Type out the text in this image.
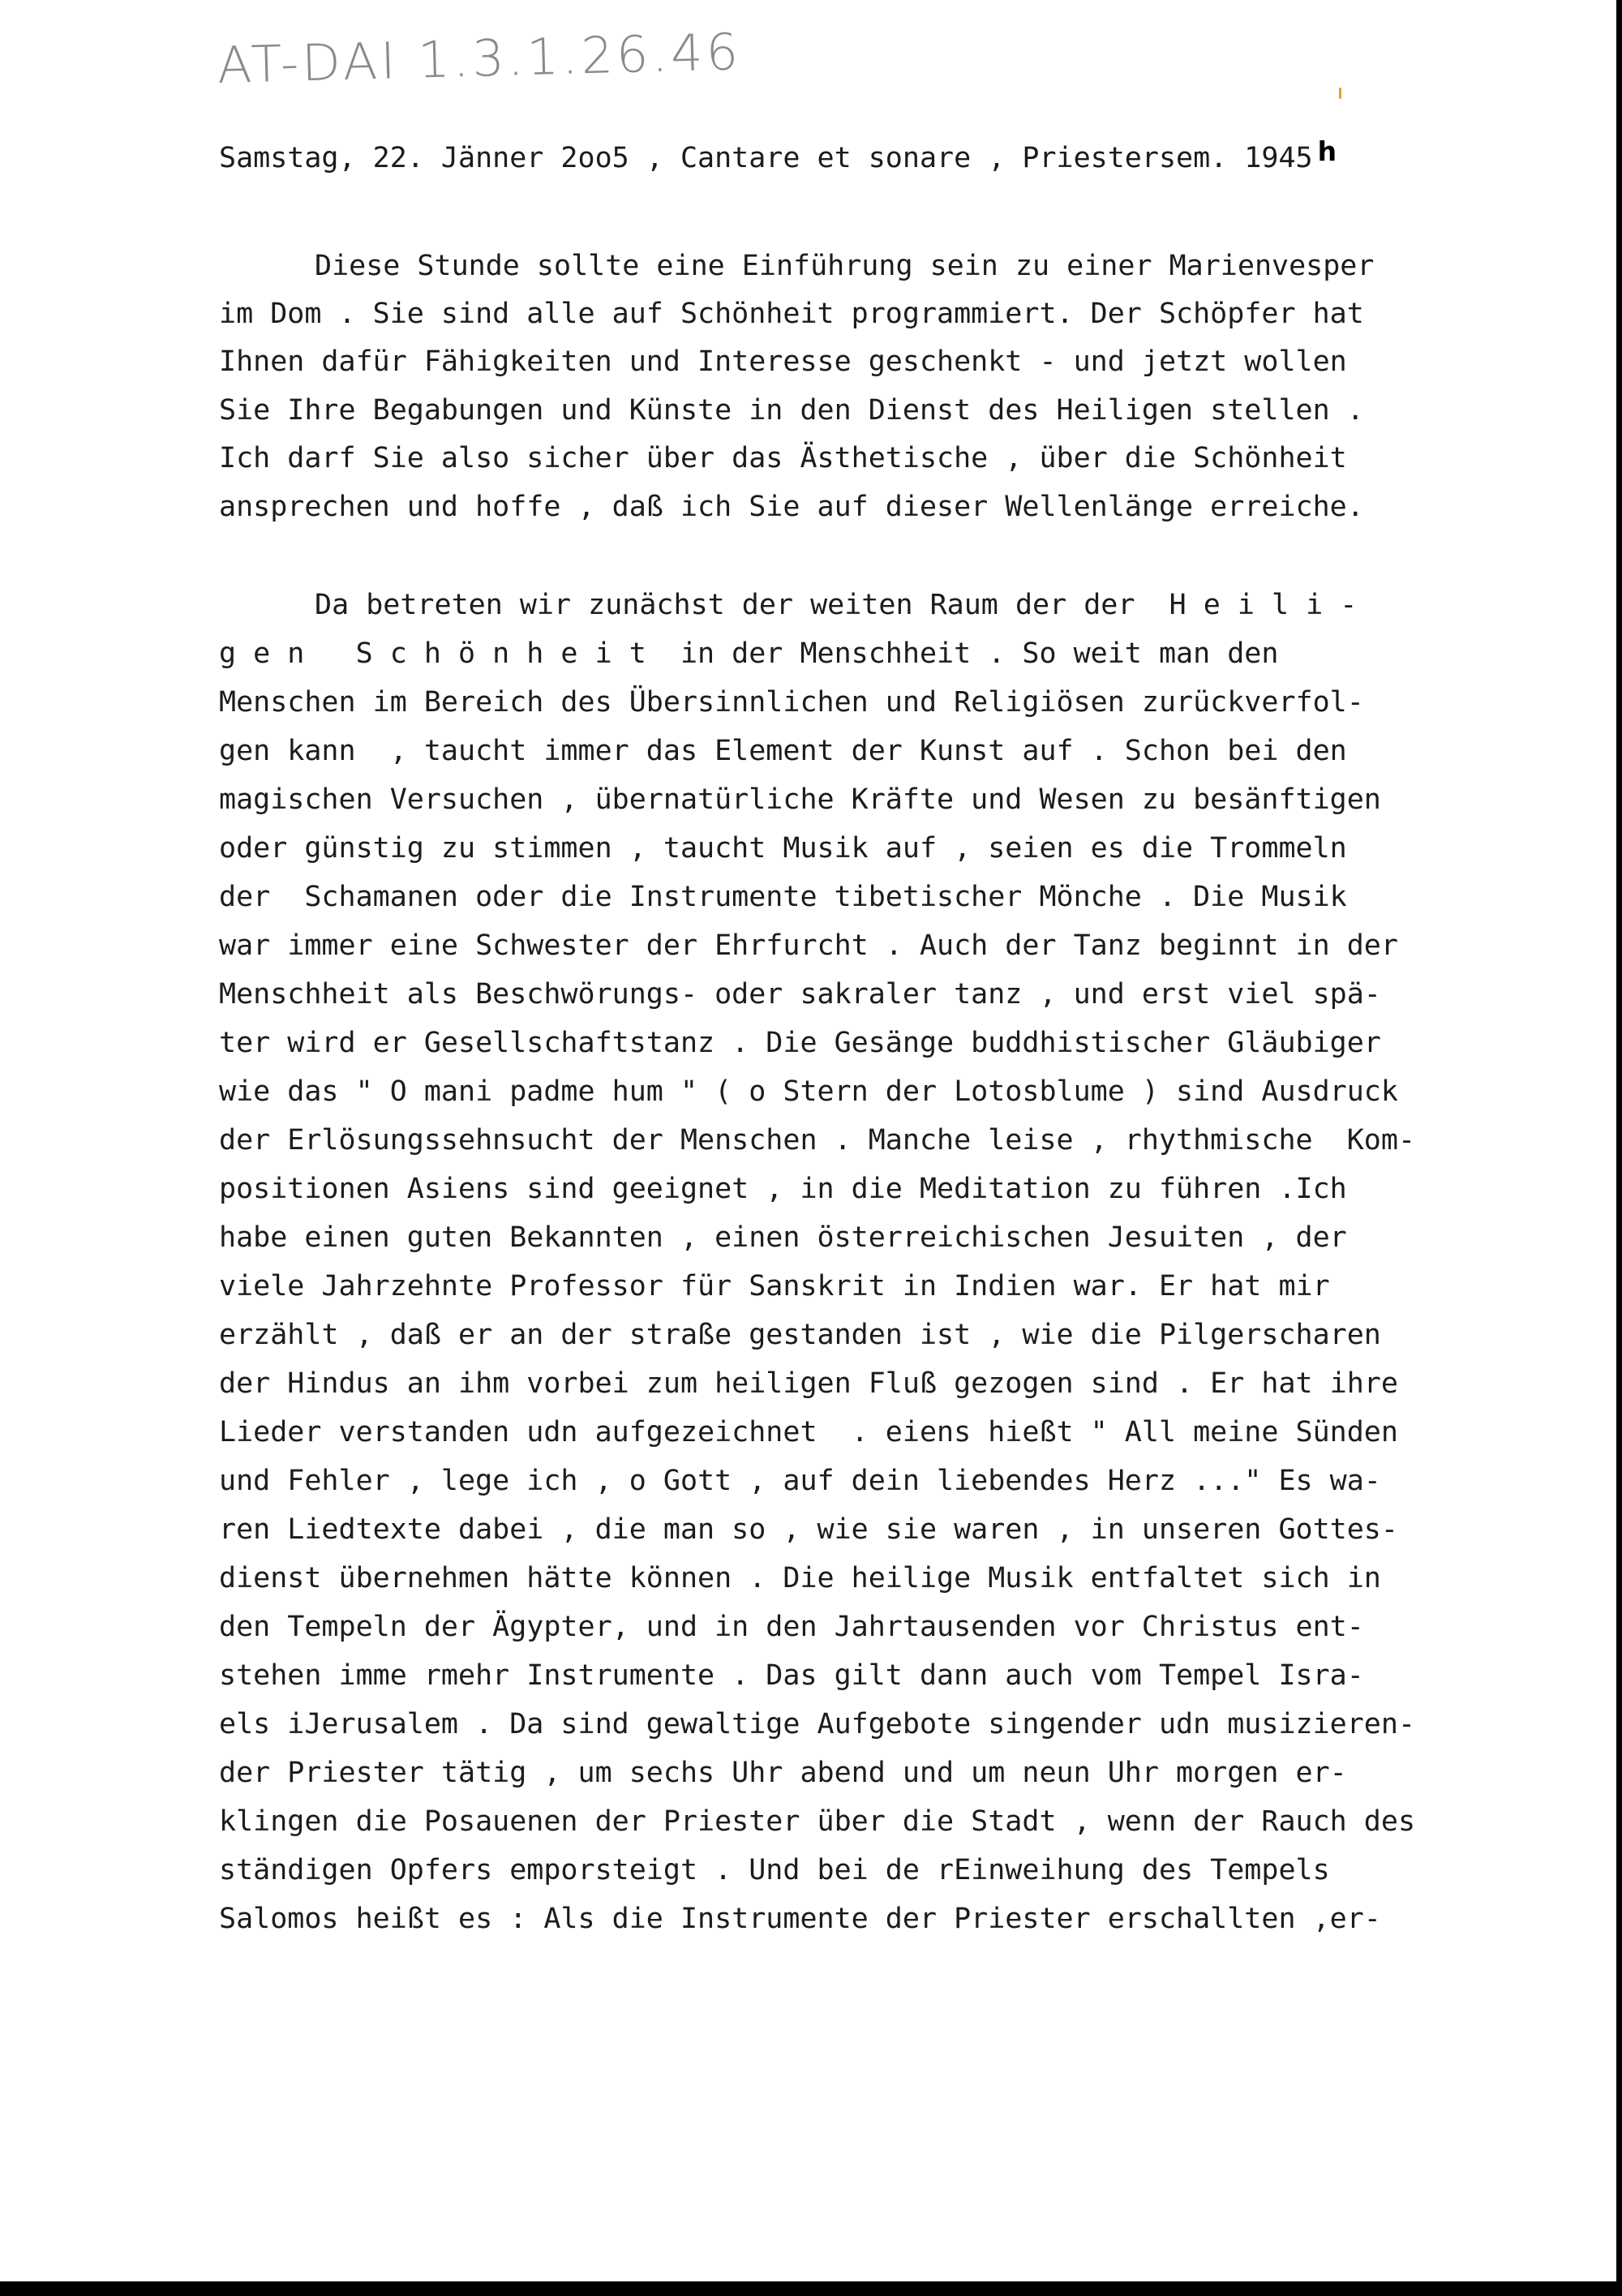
AT-DAI 1.3.1.26.46
Samstag, 22. Jänner 2oo5 , Cantare et sonare , Priestersem. 1945 h
Diese Stunde sollte eine Einführung sein zu einer Marienvesper
im Dom . Sie sind alle auf Schönheit programmiert. Der Schöpfer hat
Ihnen dafür Fähigkeiten und Interesse geschenkt - und jetzt wollen
Sie Ihre Begabungen und Künste in den Dienst des Heiligen stellen .
Ich darf Sie also sicher über das Ästhetische , über die Schönheit
ansprechen und hoffe , daß ich Sie auf dieser Wellenlänge erreiche.
Da betreten wir zunächst der weiten Raum der der  H e i l i -
g e n   S c h ö n h e i t  in der Menschheit . So weit man den
Menschen im Bereich des Übersinnlichen und Religiösen zurückverfol-
gen kann  , taucht immer das Element der Kunst auf . Schon bei den
magischen Versuchen , übernatürliche Kräfte und Wesen zu besänftigen
oder günstig zu stimmen , taucht Musik auf , seien es die Trommeln
der  Schamanen oder die Instrumente tibetischer Mönche . Die Musik
war immer eine Schwester der Ehrfurcht . Auch der Tanz beginnt in der
Menschheit als Beschwörungs- oder sakraler tanz , und erst viel spä-
ter wird er Gesellschaftstanz . Die Gesänge buddhistischer Gläubiger
wie das " O mani padme hum " ( o Stern der Lotosblume ) sind Ausdruck
der Erlösungssehnsucht der Menschen . Manche leise , rhythmische  Kom-
positionen Asiens sind geeignet , in die Meditation zu führen .Ich
habe einen guten Bekannten , einen österreichischen Jesuiten , der
viele Jahrzehnte Professor für Sanskrit in Indien war. Er hat mir
erzählt , daß er an der straße gestanden ist , wie die Pilgerscharen
der Hindus an ihm vorbei zum heiligen Fluß gezogen sind . Er hat ihre
Lieder verstanden udn aufgezeichnet  . eiens hießt " All meine Sünden
und Fehler , lege ich , o Gott , auf dein liebendes Herz ..." Es wa-
ren Liedtexte dabei , die man so , wie sie waren , in unseren Gottes-
dienst übernehmen hätte können . Die heilige Musik entfaltet sich in
den Tempeln der Ägypter, und in den Jahrtausenden vor Christus ent-
stehen imme rmehr Instrumente . Das gilt dann auch vom Tempel Isra-
els iJerusalem . Da sind gewaltige Aufgebote singender udn musizieren-
der Priester tätig , um sechs Uhr abend und um neun Uhr morgen er-
klingen die Posauenen der Priester über die Stadt , wenn der Rauch des
ständigen Opfers emporsteigt . Und bei de rEinweihung des Tempels
Salomos heißt es : Als die Instrumente der Priester erschallten ,er-
